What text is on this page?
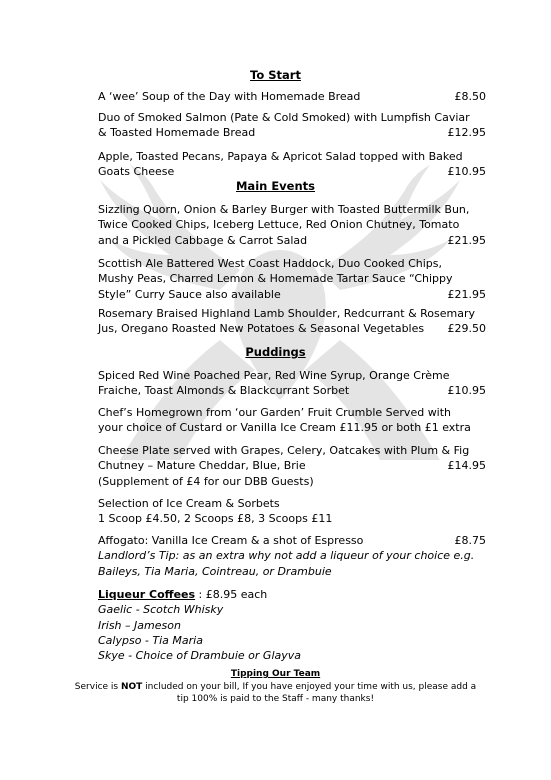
To Start
A ‘wee’ Soup of the Day with Homemade Bread	£8.50
Duo of Smoked Salmon (Pate & Cold Smoked) with Lumpfish Caviar
& Toasted Homemade Bread	£12.95
Apple, Toasted Pecans, Papaya & Apricot Salad topped with Baked
Goats Cheese	£10.95
Main Events
Sizzling Quorn, Onion & Barley Burger with Toasted Buttermilk Bun,
Twice Cooked Chips, Iceberg Lettuce, Red Onion Chutney, Tomato
and a Pickled Cabbage & Carrot Salad	£21.95
Scottish Ale Battered West Coast Haddock, Duo Cooked Chips,
Mushy Peas, Charred Lemon & Homemade Tartar Sauce “Chippy
Style” Curry Sauce also available	£21.95
Rosemary Braised Highland Lamb Shoulder, Redcurrant & Rosemary
Jus, Oregano Roasted New Potatoes & Seasonal Vegetables £29.50
Puddings
Spiced Red Wine Poached Pear, Red Wine Syrup, Orange Crème
Fraiche, Toast Almonds & Blackcurrant Sorbet	£10.95
Chef’s Homegrown from ‘our Garden’ Fruit Crumble Served with
your choice of Custard or Vanilla Ice Cream £11.95 or both £1 extra
Cheese Plate served with Grapes, Celery, Oatcakes with Plum & Fig
Chutney – Mature Cheddar, Blue, Brie	£14.95
(Supplement of £4 for our DBB Guests)
Selection of Ice Cream & Sorbets
1 Scoop £4.50, 2 Scoops £8, 3 Scoops £11
Affogato: Vanilla Ice Cream & a shot of Espresso	£8.75
Landlord’s Tip: as an extra why not add a liqueur of your choice e.g.
Baileys, Tia Maria, Cointreau, or Drambuie
Liqueur Coffees : £8.95 each
Gaelic - Scotch Whisky
Irish – Jameson
Calypso - Tia Maria
Skye - Choice of Drambuie or Glayva
Tipping Our Team
Service is NOT included on your bill, If you have enjoyed your time with us, please add a
tip 100% is paid to the Staff - many thanks!
